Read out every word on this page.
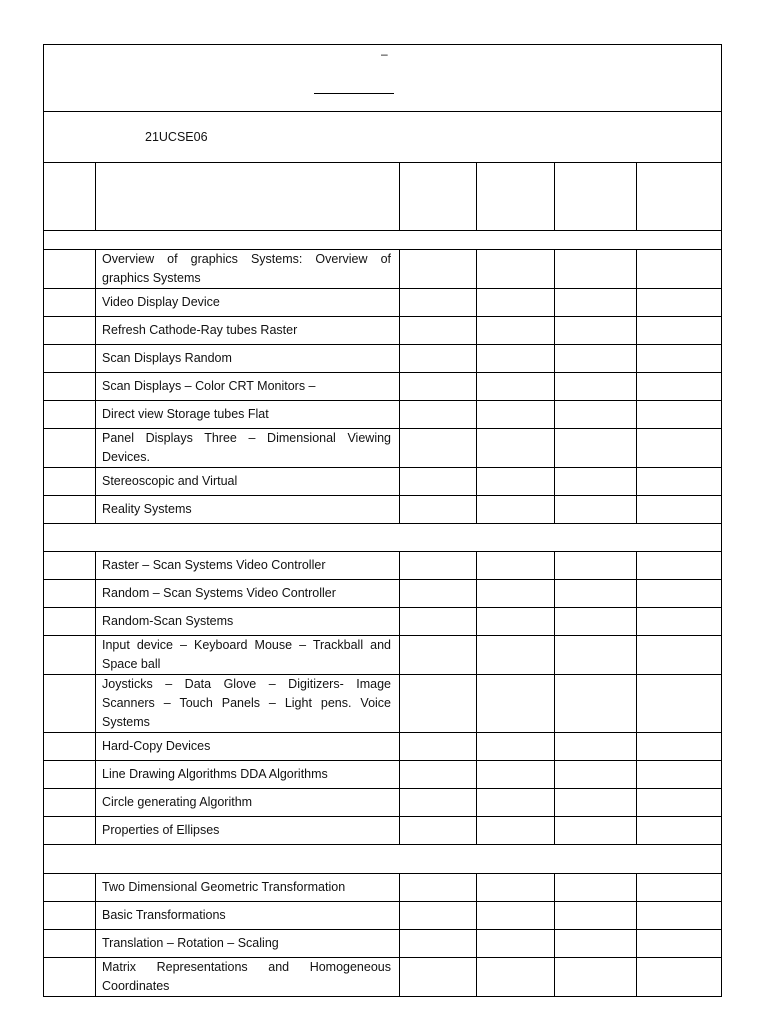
–					

21UCSE06					

	Overview of graphics Systems: Overview of graphics Systems				
	Video Display Device				
	Refresh Cathode-Ray tubes Raster				
	Scan Displays Random				
	Scan Displays – Color CRT Monitors –				
	Direct view Storage tubes Flat				
	Panel Displays Three – Dimensional Viewing Devices.				
	Stereoscopic and Virtual				
	Reality Systems				

	Raster – Scan Systems Video Controller				
	Random – Scan Systems Video Controller				
	Random-Scan Systems				
	Input device – Keyboard Mouse – Trackball and Space ball				
	Joysticks – Data Glove – Digitizers- Image Scanners – Touch Panels – Light pens. Voice Systems				
	Hard-Copy Devices				
	Line Drawing Algorithms DDA Algorithms				
	Circle generating Algorithm				
	Properties of Ellipses				

	Two Dimensional Geometric Transformation				
	Basic Transformations				
	Translation – Rotation – Scaling				
	Matrix Representations and Homogeneous Coordinates				
